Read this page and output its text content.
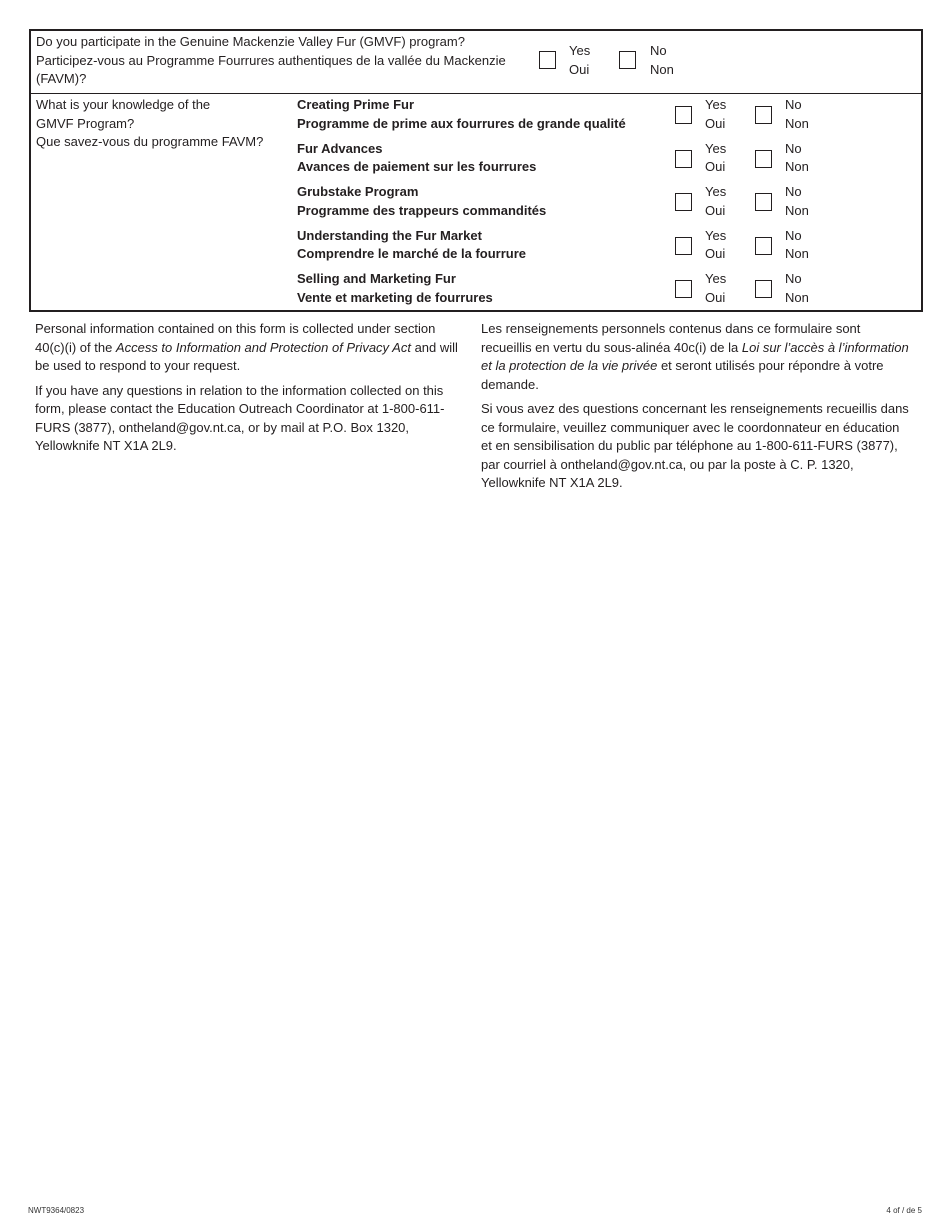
Do you participate in the Genuine Mackenzie Valley Fur (GMVF) program?
Participez-vous au Programme Fourrures authentiques de la vallée du Mackenzie (FAVM)?
Yes
Oui
No
Non
What is your knowledge of the GMVF Program?
Que savez-vous du programme FAVM?
Creating Prime Fur
Programme de prime aux fourrures de grande qualité
Yes
Oui
No
Non
Fur Advances
Avances de paiement sur les fourrures
Yes
Oui
No
Non
Grubstake Program
Programme des trappeurs commandités
Yes
Oui
No
Non
Understanding the Fur Market
Comprendre le marché de la fourrure
Yes
Oui
No
Non
Selling and Marketing Fur
Vente et marketing de fourrures
Yes
Oui
No
Non

Personal information contained on this form is collected under section 40(c)(i) of the Access to Information and Protection of Privacy Act and will be used to respond to your request.

If you have any questions in relation to the information collected on this form, please contact the Education Outreach Coordinator at 1-800-611-FURS (3877), ontheland@gov.nt.ca, or by mail at P.O. Box 1320, Yellowknife NT X1A 2L9.

Les renseignements personnels contenus dans ce formulaire sont recueillis en vertu du sous-alinéa 40c(i) de la Loi sur l’accès à l’information et la protection de la vie privée et seront utilisés pour répondre à votre demande.

Si vous avez des questions concernant les renseignements recueillis dans ce formulaire, veuillez communiquer avec le coordonnateur en éducation et en sensibilisation du public par téléphone au 1-800-611-FURS (3877), par courriel à ontheland@gov.nt.ca, ou par la poste à C. P. 1320, Yellowknife NT X1A 2L9.

NWT9364/0823	4 of / de 5
